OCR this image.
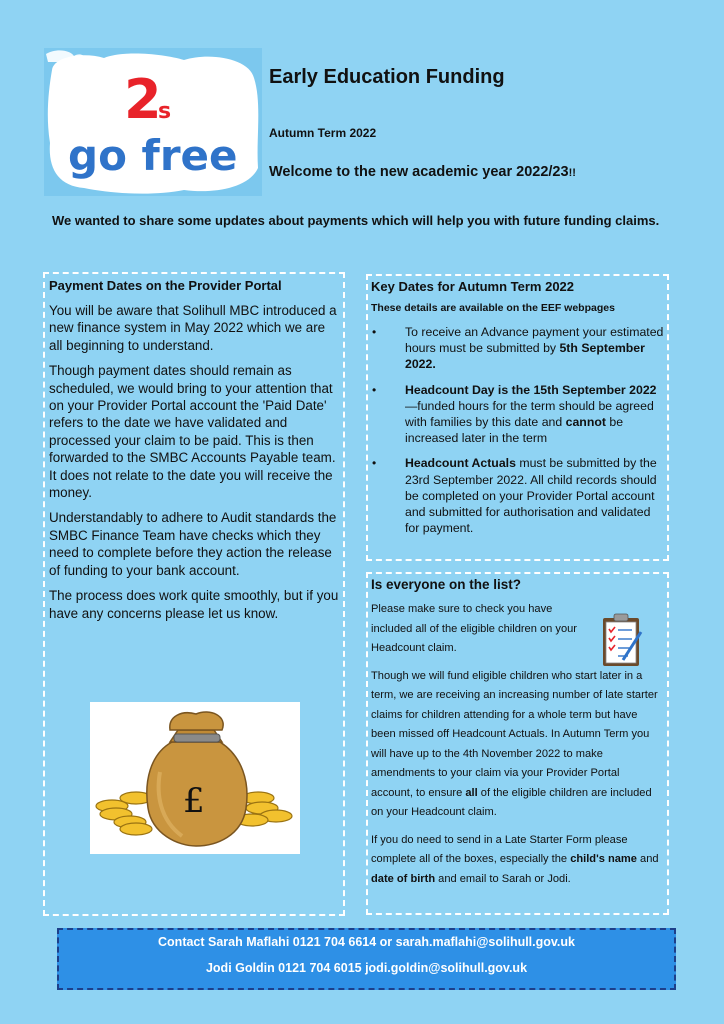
2
s
go free
Early Education Funding
Autumn Term 2022
Welcome to the new academic year 2022/23!!
We wanted to share some updates about payments which will help you with future funding claims.
Payment Dates on the Provider Portal

You will be aware that Solihull MBC introduced a new finance system in May 2022 which we are all beginning to understand.

Though payment dates should remain as scheduled, we would bring to your attention that on your Provider Portal account the 'Paid Date' refers to the date we have validated and processed your claim to be paid. This is then forwarded to the SMBC Accounts Payable team. It does not relate to the date you will receive the money.

Understandably to adhere to Audit standards the SMBC Finance Team have checks which they need to complete before they action the release of funding to your bank account.

The process does work quite smoothly, but if you have any concerns please let us know.

£
Key Dates for Autumn Term 2022
These details are available on the EEF webpages
• To receive an Advance payment your estimated hours must be submitted by 5th September 2022.
• Headcount Day is the 15th September 2022—funded hours for the term should be agreed with families by this date and cannot be increased later in the term
• Headcount Actuals must be submitted by the 23rd September 2022. All child records should be completed on your Provider Portal account and submitted for authorisation and validated for payment.
Is everyone on the list?

Please make sure to check you have included all of the eligible children on your Headcount claim.

Though we will fund eligible children who start later in a term, we are receiving an increasing number of late starter claims for children attending for a whole term but have been missed off Headcount Actuals. In Autumn Term you will have up to the 4th November 2022 to make amendments to your claim via your Provider Portal account, to ensure all of the eligible children are included on your Headcount claim.

If you do need to send in a Late Starter Form please complete all of the boxes, especially the child's name and date of birth and email to Sarah or Jodi.

Contact Sarah Maflahi 0121 704 6614 or sarah.maflahi@solihull.gov.uk
Jodi Goldin 0121 704 6015 jodi.goldin@solihull.gov.uk
